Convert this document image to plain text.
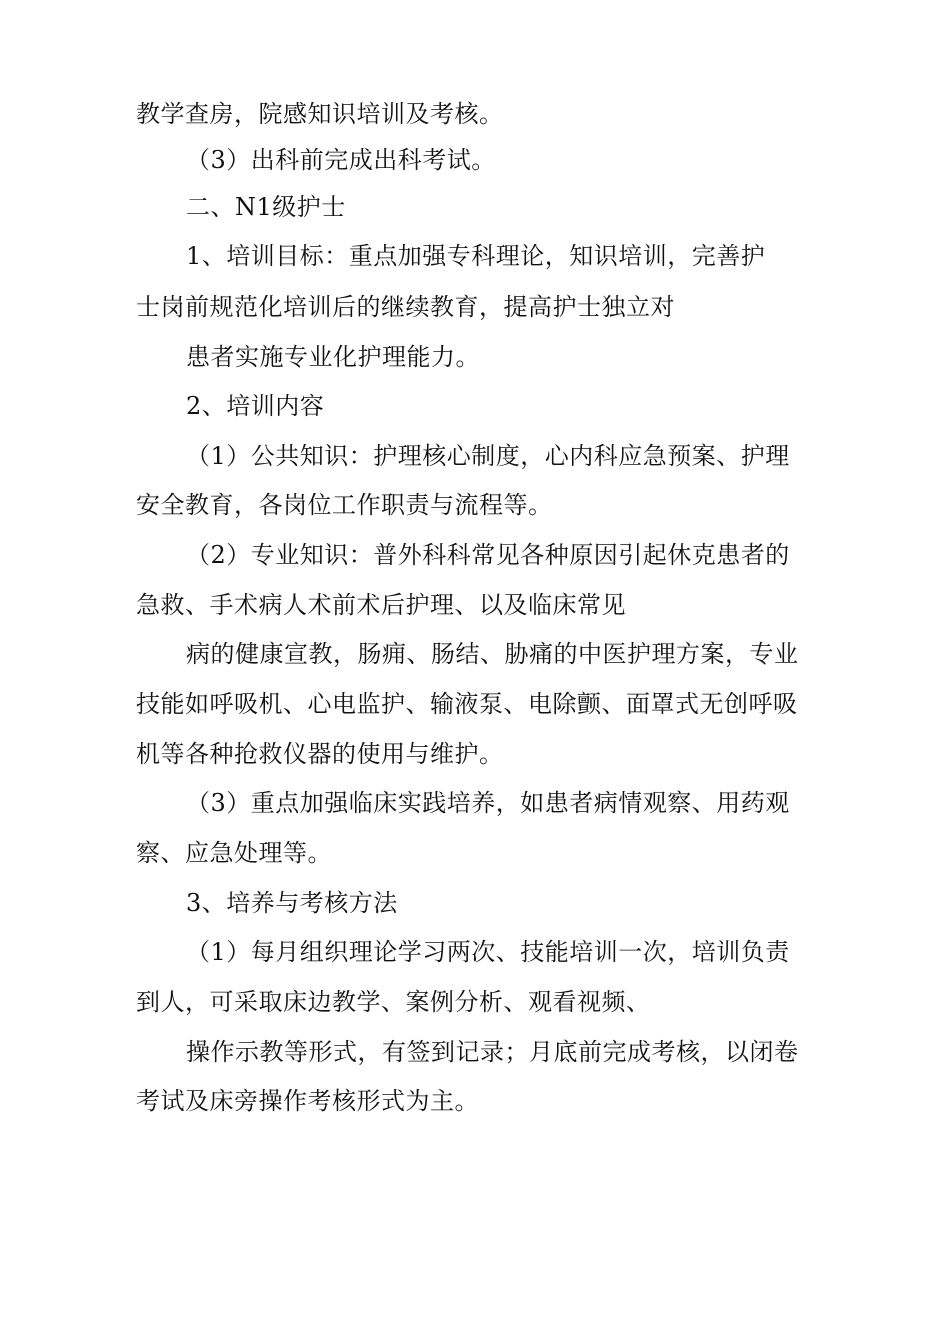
教学查房，院感知识培训及考核。
（3）出科前完成出科考试。
二、N1级护士
1、培训目标：重点加强专科理论，知识培训，完善护
士岗前规范化培训后的继续教育，提高护士独立对
患者实施专业化护理能力。
2、培训内容
（1）公共知识：护理核心制度，心内科应急预案、护理
安全教育，各岗位工作职责与流程等。
（2）专业知识：普外科科常见各种原因引起休克患者的
急救、手术病人术前术后护理、以及临床常见
病的健康宣教，肠痈、肠结、胁痛的中医护理方案，专业
技能如呼吸机、心电监护、输液泵、电除颤、面罩式无创呼吸
机等各种抢救仪器的使用与维护。
（3）重点加强临床实践培养，如患者病情观察、用药观
察、应急处理等。
3、培养与考核方法
（1）每月组织理论学习两次、技能培训一次，培训负责
到人，可采取床边教学、案例分析、观看视频、
操作示教等形式，有签到记录；月底前完成考核，以闭卷
考试及床旁操作考核形式为主。
